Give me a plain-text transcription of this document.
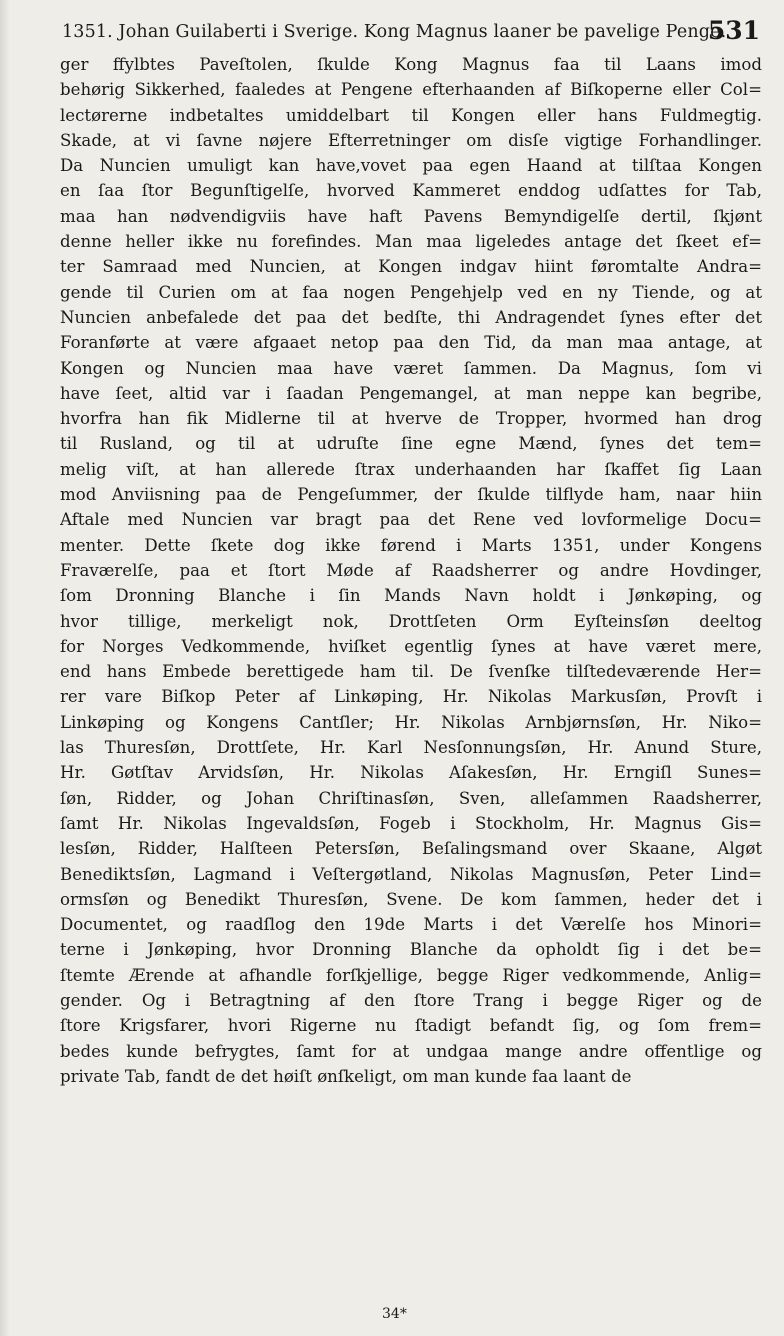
1351. Johan Guilaberti i Sverige. Kong Magnus laaner be pavelige Penge.
531
ger ffylbtes Paveſtolen, ſkulde Kong Magnus faa til Laans imod
behørig Sikkerhed, faaledes at Pengene efterhaanden af Biſkoperne eller Col=
lectørerne indbetaltes umiddelbart til Kongen eller hans Fuldmegtig.
Skade, at vi ſavne nøjere Efterretninger om disſe vigtige Forhandlinger.
Da Nuncien umuligt kan have,vovet paa egen Haand at tilſtaa Kongen
en ſaa ſtor Begunſtigelſe, hvorved Kammeret enddog udſattes for Tab,
maa han nødvendigviis have haft Pavens Bemyndigelſe dertil, ſkjønt
denne heller ikke nu forefindes. Man maa ligeledes antage det ſkeet ef=
ter Samraad med Nuncien, at Kongen indgav hiint føromtalte Andra=
gende til Curien om at faa nogen Pengehjelp ved en ny Tiende, og at
Nuncien anbefalede det paa det bedſte, thi Andragendet ſynes efter det
Foranførte at være afgaaet netop paa den Tid, da man maa antage, at
Kongen og Nuncien maa have været ſammen. Da Magnus, ſom vi
have ſeet, altid var i ſaadan Pengemangel, at man neppe kan begribe,
hvorfra han fik Midlerne til at hverve de Tropper, hvormed han drog
til Rusland, og til at udruſte ſine egne Mænd, ſynes det tem=
melig viſt, at han allerede ſtrax underhaanden har ſkaffet ſig Laan
mod Anviisning paa de Pengeſummer, der ſkulde tilflyde ham, naar hiin
Aftale med Nuncien var bragt paa det Rene ved lovformelige Docu=
menter. Dette ſkete dog ikke førend i Marts 1351, under Kongens
Fraværelſe, paa et ſtort Møde af Raadsherrer og andre Hovdinger,
ſom Dronning Blanche i ſin Mands Navn holdt i Jønkøping, og
hvor tillige, merkeligt nok, Drottſeten Orm Eyſteinsſøn deeltog
for Norges Vedkommende, hviſket egentlig ſynes at have været mere,
end hans Embede berettigede ham til. De ſvenſke tilſtedeværende Her=
rer vare Biſkop Peter af Linkøping, Hr. Nikolas Markusſøn, Provſt i
Linkøping og Kongens Cantſler; Hr. Nikolas Arnbjørnsſøn, Hr. Niko=
las Thuresſøn, Drottſete, Hr. Karl Nesſonnungsſøn, Hr. Anund Sture,
Hr. Gøtſtav Arvidsſøn, Hr. Nikolas Aſakesſøn, Hr. Erngiſl Sunes=
ſøn, Ridder, og Johan Chriſtinasſøn, Sven, alleſammen Raadsherrer,
ſamt Hr. Nikolas Ingevaldsſøn, Fogeb i Stockholm, Hr. Magnus Gis=
lesſøn, Ridder, Halſteen Petersſøn, Beſalingsmand over Skaane, Algøt
Benediktsſøn, Lagmand i Veſtergøtland, Nikolas Magnusſøn, Peter Lind=
ormsſøn og Benedikt Thuresſøn, Svene. De kom ſammen, heder det i
Documentet, og raadſlog den 19de Marts i det Værelſe hos Minori=
terne i Jønkøping, hvor Dronning Blanche da opholdt ſig i det be=
ſtemte Ærende at afhandle forſkjellige, begge Riger vedkommende, Anlig=
gender. Og i Betragtning af den ſtore Trang i begge Riger og de
ſtore Krigsfarer, hvori Rigerne nu ſtadigt befandt ſig, og ſom frem=
bedes kunde befrygtes, ſamt for at undgaa mange andre offentlige og
private Tab, fandt de det høiſt ønſkeligt, om man kunde faa laant de
34*
